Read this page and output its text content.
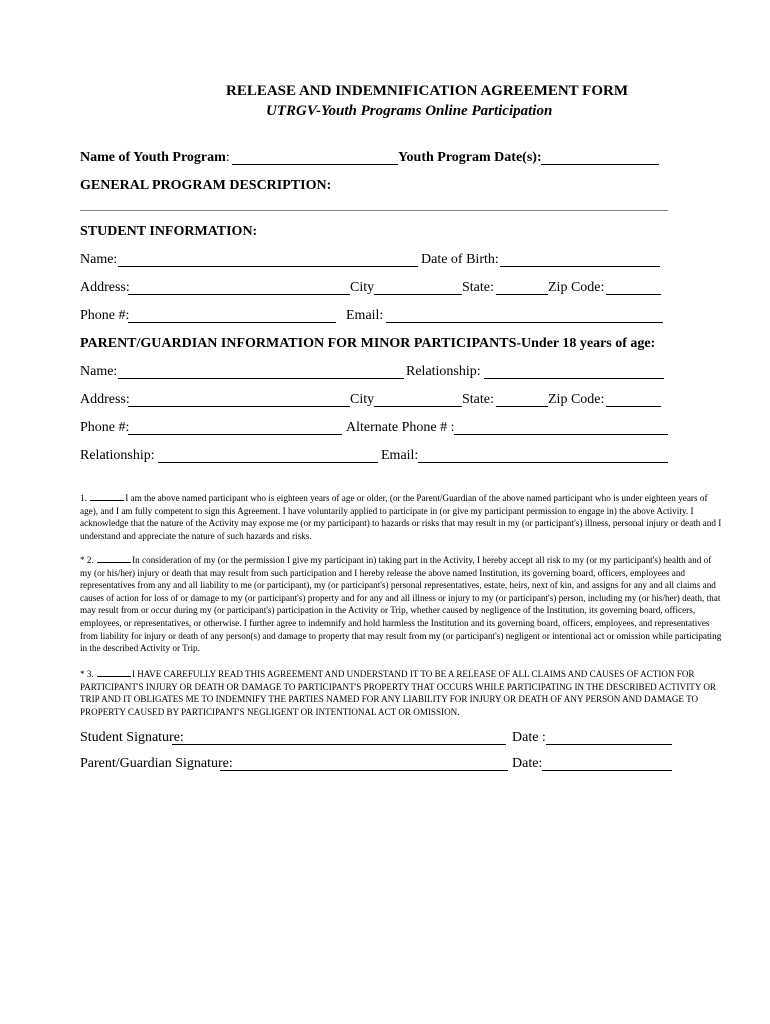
RELEASE AND INDEMNIFICATION AGREEMENT FORM
UTRGV-Youth Programs Online Participation
Name of Youth Program:	Youth Program Date(s):
GENERAL PROGRAM DESCRIPTION:
STUDENT INFORMATION:
Name:	Date of Birth:
Address:	City	State:	Zip Code:
Phone #:	Email:
PARENT/GUARDIAN INFORMATION FOR MINOR PARTICIPANTS-Under 18 years of age:
Name:	Relationship:
Address:	City	State:	Zip Code:
Phone #:	Alternate Phone # :
Relationship:	Email:
1.	I am the above named participant who is eighteen years of age or older, (or the Parent/Guardian of the above named participant who is under eighteen years of age), and I am fully competent to sign this Agreement. I have voluntarily applied to participate in (or give my participant permission to engage in) the above Activity. I acknowledge that the nature of the Activity may expose me (or my participant) to hazards or risks that may result in my (or participant's) illness, personal injury or death and I understand and appreciate the nature of such hazards and risks.
* 2.	In consideration of my (or the permission I give my participant in) taking part in the Activity, I hereby accept all risk to my (or my participant's) health and of my (or his/her) injury or death that may result from such participation and I hereby release the above named Institution, its governing board, officers, employees and representatives from any and all liability to me (or participant), my (or participant's) personal representatives, estate, heirs, next of kin, and assigns for any and all claims and causes of action for loss of or damage to my (or participant's) property and for any and all illness or injury to my (or participant's) person, including my (or his/her) death, that may result from or occur during my (or participant's) participation in the Activity or Trip, whether caused by negligence of the Institution, its governing board, officers, employees, or representatives, or otherwise. I further agree to indemnify and hold harmless the Institution and its governing board, officers, employees, and representatives from liability for injury or death of any person(s) and damage to property that may result from my (or participant's) negligent or intentional act or omission while participating in the described Activity or Trip.
* 3.	I HAVE CAREFULLY READ THIS AGREEMENT AND UNDERSTAND IT TO BE A RELEASE OF ALL CLAIMS AND CAUSES OF ACTION FOR PARTICIPANT'S INJURY OR DEATH OR DAMAGE TO PARTICIPANT'S PROPERTY THAT OCCURS WHILE PARTICIPATING IN THE DESCRIBED ACTIVITY OR TRIP AND IT OBLIGATES ME TO INDEMNIFY THE PARTIES NAMED FOR ANY LIABILITY FOR INJURY OR DEATH OF ANY PERSON AND DAMAGE TO PROPERTY CAUSED BY PARTICIPANT'S NEGLIGENT OR INTENTIONAL ACT OR OMISSION.
Student Signature:	Date :
Parent/Guardian Signature:	Date:
